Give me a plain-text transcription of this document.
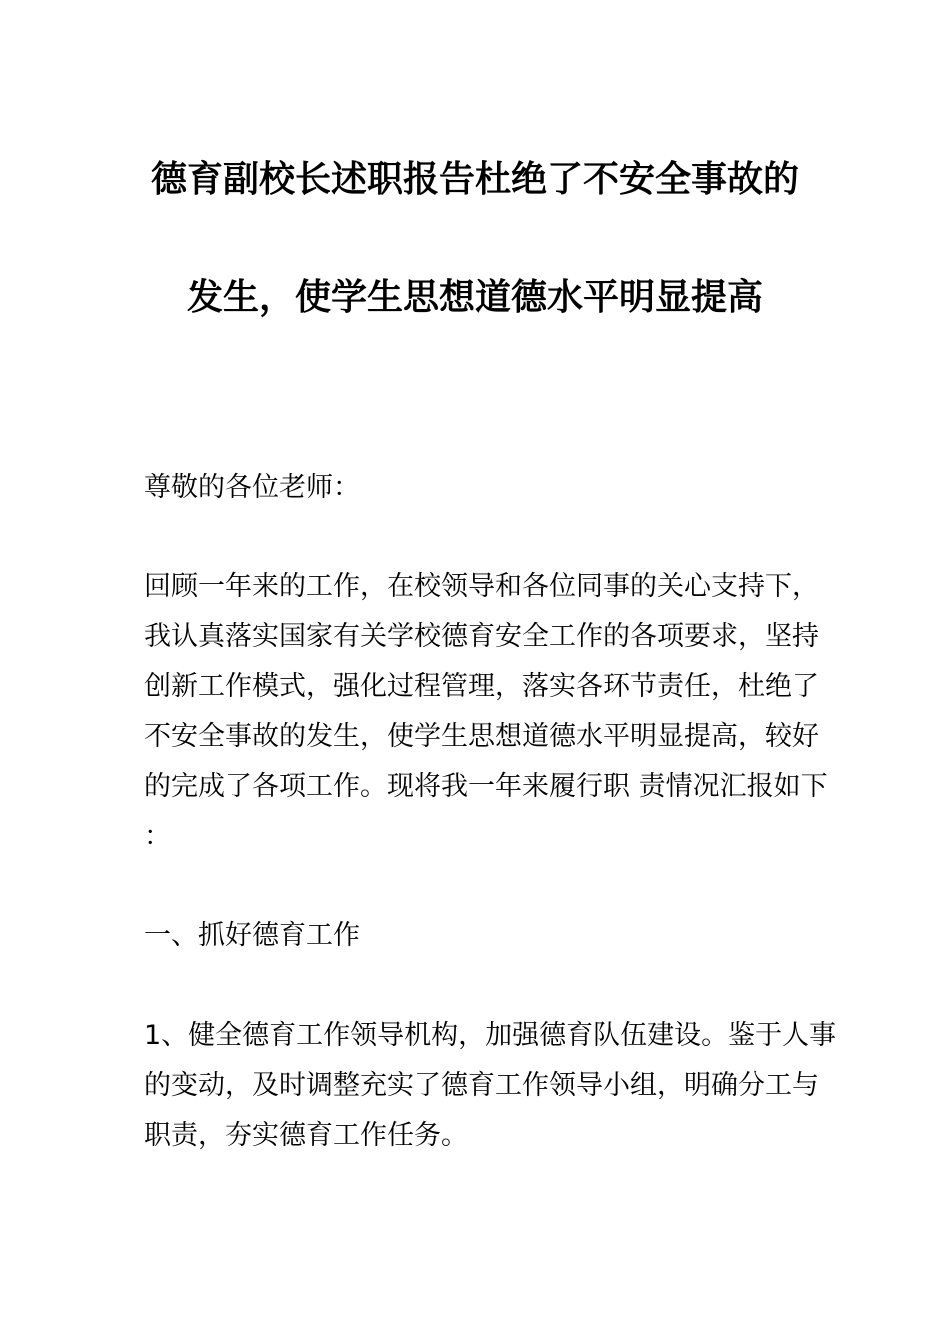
德育副校长述职报告杜绝了不安全事故的
发生，使学生思想道德水平明显提高
尊敬的各位老师：
回顾一年来的工作，在校领导和各位同事的关心支持下，
我认真落实国家有关学校德育安全工作的各项要求，坚持
创新工作模式，强化过程管理，落实各环节责任，杜绝了
不安全事故的发生，使学生思想道德水平明显提高，较好
的完成了各项工作。现将我一年来履行职 责情况汇报如下
：
一、抓好德育工作
1、健全德育工作领导机构，加强德育队伍建设。鉴于人事
的变动，及时调整充实了德育工作领导小组，明确分工与
职责，夯实德育工作任务。
